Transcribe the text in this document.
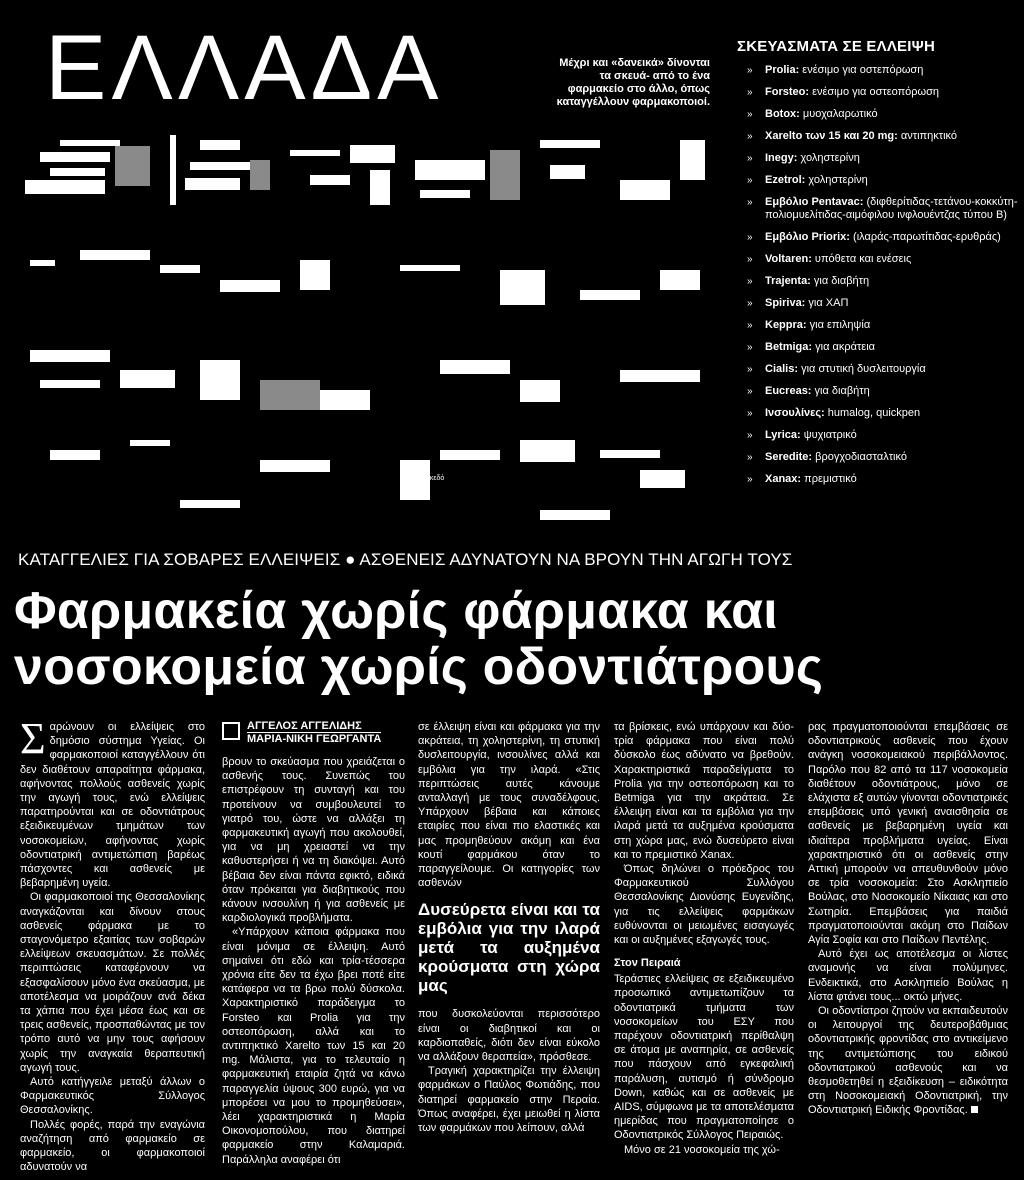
ΕΛΛΑΔΑ	Μέχρι και «δανεικά» δίνονται τα σκευά- από το ένα φαρμακείο στο άλλο, όπως καταγγέλλουν φαρμακοποιοί.
Μακεδό
ΣΚΕΥΑΣΜΑΤΑ ΣΕ ΕΛΛΕΙΨΗ
» Prolia: ενέσιμο για οστεπόρωση
» Forsteo: ενέσιμο για οστεοπόρωση
» Botox: μυοχαλαρωτικό
» Xarelto των 15 και 20 mg: αντιπηκτικό
» Inegy: χοληστερίνη
» Ezetrol: χοληστερίνη
» Εμβόλιο Pentavac: (διφθερίτιδας-τετάνου-κοκκύτη-πολιομυελίτιδας-αιμόφιλου ινφλουέντζας τύπου Β)
» Εμβόλιο Priorix: (ιλαράς-παρωτίτιδας-ερυθράς)
» Voltaren: υπόθετα και ενέσεις
» Trajenta: για διαβήτη
» Spiriva: για ΧΑΠ
» Keppra: για επιληψία
» Betmiga: για ακράτεια
» Cialis: για στυτική δυσλειτουργία
» Eucreas: για διαβήτη
» Ινσουλίνες: humalog, quickpen
» Lyrica: ψυχιατρικό
» Seredite: βρογχοδιασταλτικό
» Xanax: πρεμιστικό
ΚΑΤΑΓΓΕΛΙΕΣ ΓΙΑ ΣΟΒΑΡΕΣ ΕΛΛΕΙΨΕΙΣ ● ΑΣΘΕΝΕΙΣ ΑΔΥΝΑΤΟΥΝ ΝΑ ΒΡΟΥΝ ΤΗΝ ΑΓΩΓΗ ΤΟΥΣ
Φαρμακεία χωρίς φάρμακα και νοσοκομεία χωρίς οδοντιάτρους

Σαρώνουν οι ελλείψεις στο δημόσιο σύστημα Υγείας. Οι φαρμακοποιοί καταγγέλλουν ότι δεν διαθέτουν απαραίτητα φάρμακα, αφήνοντας πολλούς ασθενείς χωρίς την αγωγή τους, ενώ ελλείψεις παρατηρούνται και σε οδοντιάτρους εξειδικευμένων τμημάτων των νοσοκομείων, αφήνοντας χωρίς οδοντιατρική αντιμετώπιση βαρέως πάσχοντες και ασθενείς με βεβαρημένη υγεία.

Οι φαρμακοποιοί της Θεσσαλονίκης αναγκάζονται και δίνουν στους ασθενείς φάρμακα με το σταγονόμετρο εξαιτίας των σοβαρών ελλείψεων σκευασμάτων. Σε πολλές περιπτώσεις καταφέρνουν να εξασφαλίσουν μόνο ένα σκεύασμα, με αποτέλεσμα να μοιράζουν ανά δέκα τα χάπια που έχει μέσα έως και σε τρεις ασθενείς, προσπαθώντας με τον τρόπο αυτό να μην τους αφήσουν χωρίς την αναγκαία θεραπευτική αγωγή τους.

Αυτό κατήγγειλε μεταξύ άλλων ο Φαρμακευτικός Σύλλογος Θεσσαλονίκης.

Πολλές φορές, παρά την εναγώνια αναζήτηση από φαρμακείο σε φαρμακείο, οι φαρμακοποιοί αδυνατούν να

ΑΓΓΕΛΟΣ ΑΓΓΕΛΙΔΗΣ
ΜΑΡΙΑ-ΝΙΚΗ ΓΕΩΡΓΑΝΤΑ

βρουν το σκεύασμα που χρειάζεται ο ασθενής τους. Συνεπώς του επιστρέφουν τη συνταγή και του προτείνουν να συμβουλευτεί το γιατρό του, ώστε να αλλάξει τη φαρμακευτική αγωγή που ακολουθεί, για να μη χρειαστεί να την καθυστερήσει ή να τη διακόψει. Αυτό βέβαια δεν είναι πάντα εφικτό, ειδικά όταν πρόκειται για διαβητικούς που κάνουν ινσουλίνη ή για ασθενείς με καρδιολογικά προβλήματα.

«Υπάρχουν κάποια φάρμακα που είναι μόνιμα σε έλλειψη. Αυτό σημαίνει ότι εδώ και τρία-τέσσερα χρόνια είτε δεν τα έχω βρει ποτέ είτε κατάφερα να τα βρω πολύ δύσκολα. Χαρακτηριστικό παράδειγμα το Forsteo και Prolia για την οστεοπόρωση, αλλά και το αντιπηκτικό Xarelto των 15 και 20 mg. Μάλιστα, για το τελευταίο η φαρμακευτική εταιρία ζητά να κάνω παραγγελία ύψους 300 ευρώ, για να μπορέσει να μου το προμηθεύσει», λέει χαρακτηριστικά η Μαρία Οικονομοπούλου, που διατηρεί φαρμακείο στην Καλαμαριά. Παράλληλα αναφέρει ότι

σε έλλειψη είναι και φάρμακα για την ακράτεια, τη χοληστερίνη, τη στυτική δυσλειτουργία, ινσουλίνες αλλά και εμβόλια για την ιλαρά. «Στις περιπτώσεις αυτές κάνουμε ανταλλαγή με τους συναδέλφους. Υπάρχουν βέβαια και κάποιες εταιρίες που είναι πιο ελαστικές και μας προμηθεύουν ακόμη και ένα κουτί φαρμάκου όταν το παραγγείλουμε. Οι κατηγορίες των ασθενών

Δυσεύρετα είναι και τα εμβόλια για την ιλαρά μετά τα αυξημένα κρούσματα στη χώρα μας

που δυσκολεύονται περισσότερο είναι οι διαβητικοί και οι καρδιοπαθείς, διότι δεν είναι εύκολο να αλλάξουν θεραπεία», πρόσθεσε.

Τραγική χαρακτηρίζει την έλλειψη φαρμάκων ο Παύλος Φωτιάδης, που διατηρεί φαρμακείο στην Περαία. Όπως αναφέρει, έχει μειωθεί η λίστα των φαρμάκων που λείπουν, αλλά

τα βρίσκεις, ενώ υπάρχουν και δύο-τρία φάρμακα που είναι πολύ δύσκολο έως αδύνατο να βρεθούν. Χαρακτηριστικά παραδείγματα το Prolia για την οστεοπόρωση και το Betmiga για την ακράτεια. Σε έλλειψη είναι και τα εμβόλια για την ιλαρά μετά τα αυξημένα κρούσματα στη χώρα μας, ενώ δυσεύρετο είναι και το πρεμιστικό Xanax.

Όπως δηλώνει ο πρόεδρος του Φαρμακευτικού Συλλόγου Θεσσαλονίκης Διονύσης Ευγενίδης, για τις ελλείψεις φαρμάκων ευθύνονται οι μειωμένες εισαγωγές και οι αυξημένες εξαγωγές τους.

Στον Πειραιά

Τεράστιες ελλείψεις σε εξειδικευμένο προσωπικό αντιμετωπίζουν τα οδοντιατρικά τμήματα των νοσοκομείων του ΕΣΥ που παρέχουν οδοντιατρική περίθαλψη σε άτομα με αναπηρία, σε ασθενείς που πάσχουν από εγκεφαλική παράλυση, αυτισμό ή σύνδρομο Down, καθώς και σε ασθενείς με AIDS, σύμφωνα με τα αποτελέσματα ημερίδας που πραγματοποίησε ο Οδοντιατρικός Σύλλογος Πειραιώς.

Μόνο σε 21 νοσοκομεία της χώ-

ρας πραγματοποιούνται επεμβάσεις σε οδοντιατρικούς ασθενείς που έχουν ανάγκη νοσοκομειακού περιβάλλοντος. Παρόλο που 82 από τα 117 νοσοκομεία διαθέτουν οδοντιάτρους, μόνο σε ελάχιστα εξ αυτών γίνονται οδοντιατρικές επεμβάσεις υπό γενική αναισθησία σε ασθενείς με βεβαρημένη υγεία και ιδιαίτερα προβλήματα υγείας. Είναι χαρακτηριστικό ότι οι ασθενείς στην Αττική μπορούν να απευθυνθούν μόνο σε τρία νοσοκομεία: Στο Ασκληπιείο Βούλας, στο Νοσοκομείο Νίκαιας και στο Σωτηρία. Επεμβάσεις για παιδιά πραγματοποιούνται ακόμη στο Παίδων Αγία Σοφία και στο Παίδων Πεντέλης.

Αυτό έχει ως αποτέλεσμα οι λίστες αναμονής να είναι πολύμηνες. Ενδεικτικά, στο Ασκληπιείο Βούλας η λίστα φτάνει τους... οκτώ μήνες.

Οι οδοντίατροι ζητούν να εκπαιδευτούν οι λειτουργοί της δευτεροβάθμιας οδοντιατρικής φροντίδας στο αντικείμενο της αντιμετώπισης του ειδικού οδοντιατρικού ασθενούς και να θεσμοθετηθεί η εξειδίκευση – ειδικότητα στη Νοσοκομειακή Οδοντιατρική, την Οδοντιατρική Ειδικής Φροντίδας.
